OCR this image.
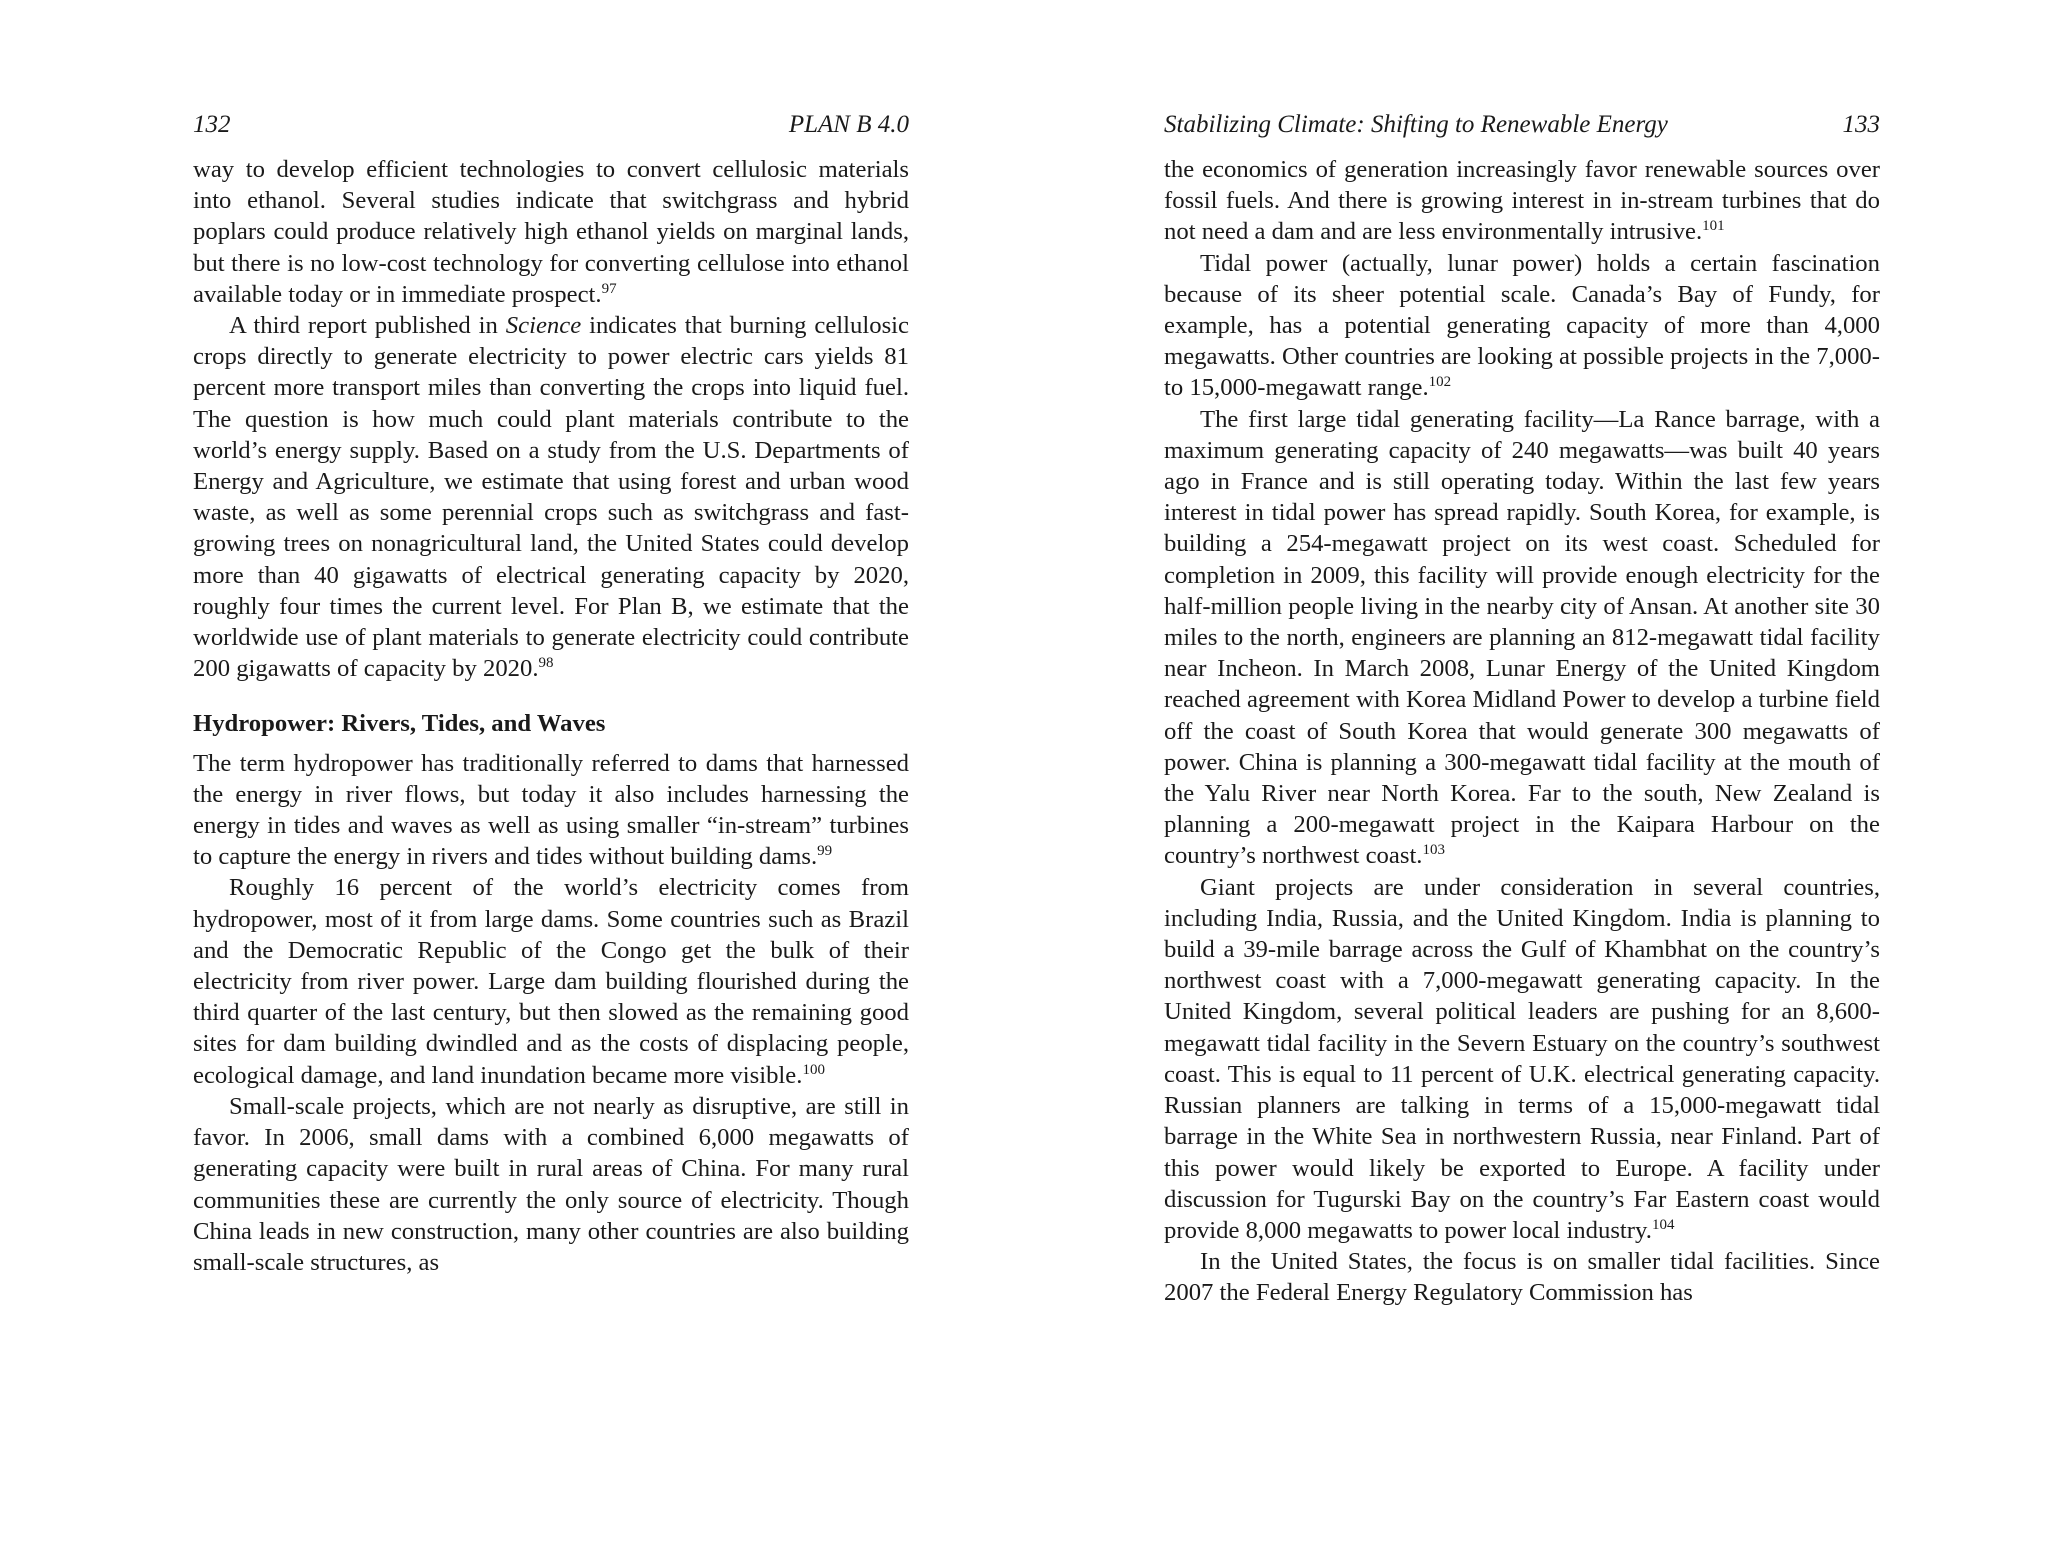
132	PLAN B 4.0

way to develop efficient technologies to convert cellulosic materials into ethanol. Several studies indicate that switchgrass and hybrid poplars could produce relatively high ethanol yields on marginal lands, but there is no low-cost technology for converting cellulose into ethanol available today or in immediate prospect.$^{97}$

A third report published in Science indicates that burning cellulosic crops directly to generate electricity to power electric cars yields 81 percent more transport miles than converting the crops into liquid fuel. The question is how much could plant materials contribute to the world’s energy supply. Based on a study from the U.S. Departments of Energy and Agriculture, we estimate that using forest and urban wood waste, as well as some perennial crops such as switchgrass and fast-growing trees on nonagricultural land, the United States could develop more than 40 gigawatts of electrical generating capacity by 2020, roughly four times the current level. For Plan B, we estimate that the worldwide use of plant materials to generate electricity could contribute 200 gigawatts of capacity by 2020.98

Hydropower: Rivers, Tides, and Waves

The term hydropower has traditionally referred to dams that harnessed the energy in river flows, but today it also includes harnessing the energy in tides and waves as well as using smaller “in-stream” turbines to capture the energy in rivers and tides without building dams.$^{99}$

Roughly 16 percent of the world’s electricity comes from hydropower, most of it from large dams. Some countries such as Brazil and the Democratic Republic of the Congo get the bulk of their electricity from river power. Large dam building flourished during the third quarter of the last century, but then slowed as the remaining good sites for dam building dwindled and as the costs of displacing people, ecological damage, and land inundation became more visible.$^{100}$

Small-scale projects, which are not nearly as disruptive, are still in favor. In 2006, small dams with a combined 6,000 megawatts of generating capacity were built in rural areas of China. For many rural communities these are currently the only source of electricity. Though China leads in new construction, many other countries are also building small-scale structures, as

Stabilizing Climate: Shifting to Renewable Energy	133

the economics of generation increasingly favor renewable sources over fossil fuels. And there is growing interest in in-stream turbines that do not need a dam and are less environmentally intrusive.$^{101}$

Tidal power (actually, lunar power) holds a certain fascination because of its sheer potential scale. Canada’s Bay of Fundy, for example, has a potential generating capacity of more than 4,000 megawatts. Other countries are looking at possible projects in the 7,000- to 15,000-megawatt range.$^{102}$

The first large tidal generating facility—La Rance barrage, with a maximum generating capacity of 240 megawatts—was built 40 years ago in France and is still operating today. Within the last few years interest in tidal power has spread rapidly. South Korea, for example, is building a 254-megawatt project on its west coast. Scheduled for completion in 2009, this facility will provide enough electricity for the half-million people living in the nearby city of Ansan. At another site 30 miles to the north, engineers are planning an 812-megawatt tidal facility near Incheon. In March 2008, Lunar Energy of the United Kingdom reached agreement with Korea Midland Power to develop a turbine field off the coast of South Korea that would generate 300 megawatts of power. China is planning a 300-megawatt tidal facility at the mouth of the Yalu River near North Korea. Far to the south, New Zealand is planning a 200-megawatt project in the Kaipara Harbour on the country’s northwest coast.$^{103}$

Giant projects are under consideration in several countries, including India, Russia, and the United Kingdom. India is planning to build a 39-mile barrage across the Gulf of Khambhat on the country’s northwest coast with a 7,000-megawatt generating capacity. In the United Kingdom, several political leaders are pushing for an 8,600-megawatt tidal facility in the Severn Estuary on the country’s southwest coast. This is equal to 11 percent of U.K. electrical generating capacity. Russian planners are talking in terms of a 15,000-megawatt tidal barrage in the White Sea in northwestern Russia, near Finland. Part of this power would likely be exported to Europe. A facility under discussion for Tugurski Bay on the country’s Far Eastern coast would provide 8,000 megawatts to power local industry.$^{104}$

In the United States, the focus is on smaller tidal facilities. Since 2007 the Federal Energy Regulatory Commission has
